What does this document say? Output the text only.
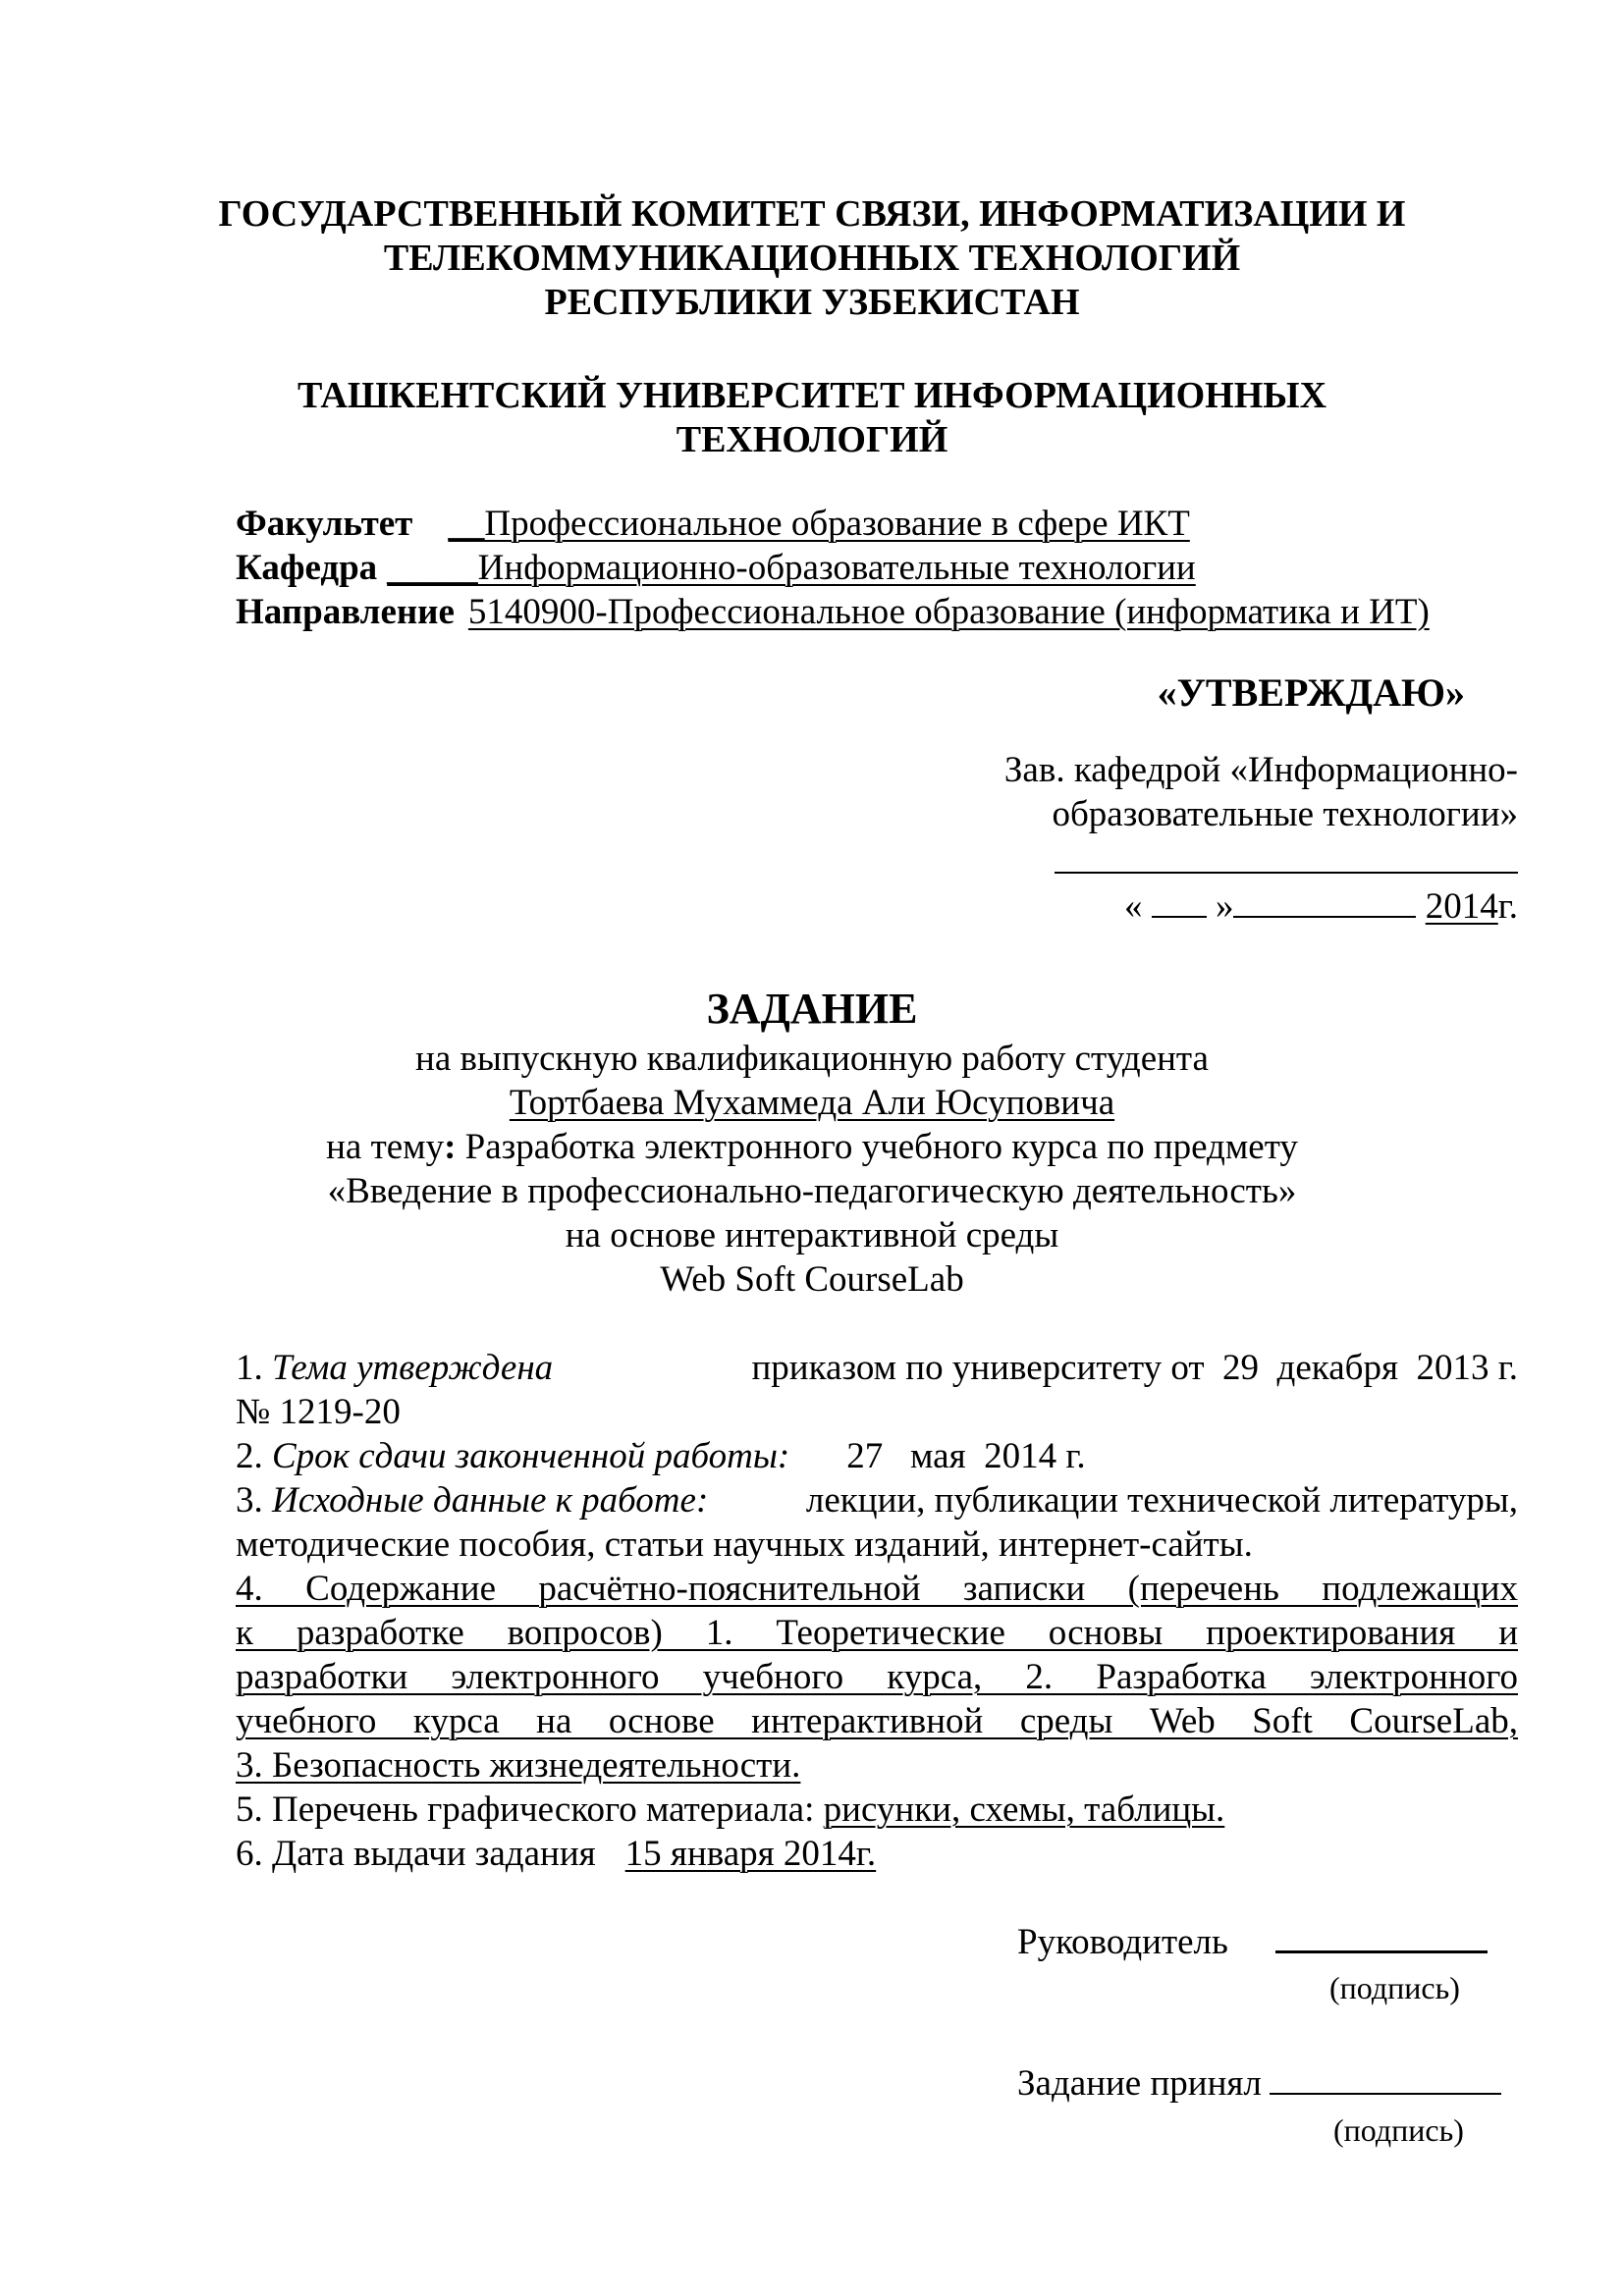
ГОСУДАРСТВЕННЫЙ КОМИТЕТ СВЯЗИ, ИНФОРМАТИЗАЦИИ И
ТЕЛЕКОММУНИКАЦИОННЫХ ТЕХНОЛОГИЙ
РЕСПУБЛИКИ УЗБЕКИСТАН
ТАШКЕНТСКИЙ УНИВЕРСИТЕТ ИНФОРМАЦИОННЫХ
ТЕХНОЛОГИЙ
Факультет __Профессиональное образование в сфере ИКТ
Кафедра _____Информационно-образовательные технологии
Направление 5140900-Профессиональное образование (информатика и ИТ)
«УТВЕРЖДАЮ»
Зав. кафедрой «Информационно-
образовательные технологии»
« »	2014г.
ЗАДАНИЕ
на выпускную квалификационную работу студента
Тортбаева Мухаммеда Али Юсуповича
на тему: Разработка электронного учебного курса по предмету
«Введение в профессионально-педагогическую деятельность»
на основе интерактивной среды
Web Soft CourseLab
1. Тема утверждена	приказом по университету от  29  декабря  2013 г.
№ 1219-20
2. Срок сдачи законченной работы: 27   мая  2014 г.
3. Исходные данные к работе:	лекции, публикации технической литературы,
методические пособия, статьи научных изданий, интернет-сайты.
4. Содержание расчётно-пояснительной записки (перечень подлежащих
к разработке вопросов) 1. Теоретические основы проектирования и
разработки электронного учебного курса, 2. Разработка электронного
учебного курса на основе интерактивной среды Web Soft CourseLab,
3. Безопасность жизнедеятельности.
5. Перечень графического материала: рисунки, схемы, таблицы.
6. Дата выдачи задания 15 января 2014г.
Руководитель
(подпись)
Задание принял
(подпись)
